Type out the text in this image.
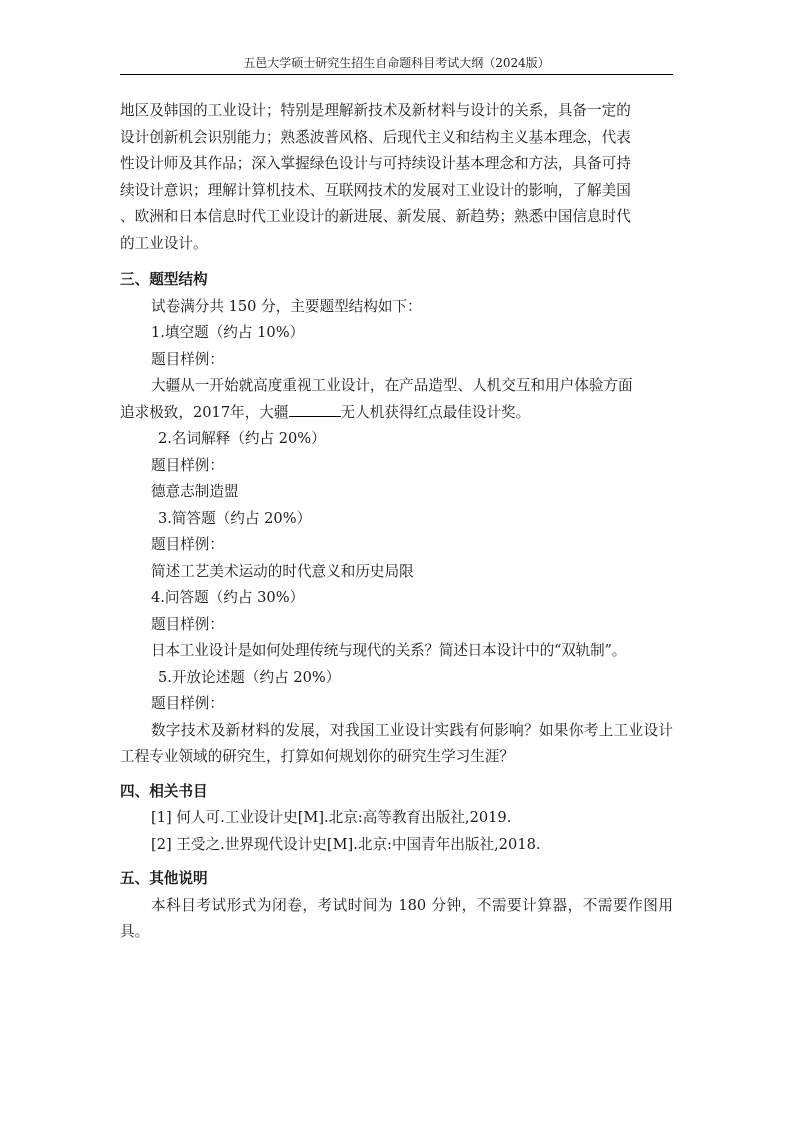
五邑大学硕士研究生招生自命题科目考试大纲（2024版）

地区及韩国的工业设计；特别是理解新技术及新材料与设计的关系，具备一定的

设计创新机会识别能力；熟悉波普风格、后现代主义和结构主义基本理念，代表

性设计师及其作品；深入掌握绿色设计与可持续设计基本理念和方法，具备可持

续设计意识；理解计算机技术、互联网技术的发展对工业设计的影响，了解美国

、欧洲和日本信息时代工业设计的新进展、新发展、新趋势；熟悉中国信息时代

的工业设计。

三、题型结构

试卷满分共 150 分，主要题型结构如下：

1.填空题（约占 10%）

题目样例：

大疆从一开始就高度重视工业设计，在产品造型、人机交互和用户体验方面

追求极致，2017年，大疆	无人机获得红点最佳设计奖。

2.名词解释（约占 20%）

题目样例：

德意志制造盟

3.简答题（约占 20%）

题目样例：

简述工艺美术运动的时代意义和历史局限

4.问答题（约占 30%）

题目样例：

日本工业设计是如何处理传统与现代的关系？简述日本设计中的“双轨制”。

5.开放论述题（约占 20%）

题目样例：

数字技术及新材料的发展，对我国工业设计实践有何影响？如果你考上工业设计工程专业领域的研究生，打算如何规划你的研究生学习生涯？

四、相关书目

[1] 何人可.工业设计史[M].北京:高等教育出版社,2019.

[2] 王受之.世界现代设计史[M].北京:中国青年出版社,2018.

五、其他说明

本科目考试形式为闭卷，考试时间为 180 分钟，不需要计算器，不需要作图用具。
